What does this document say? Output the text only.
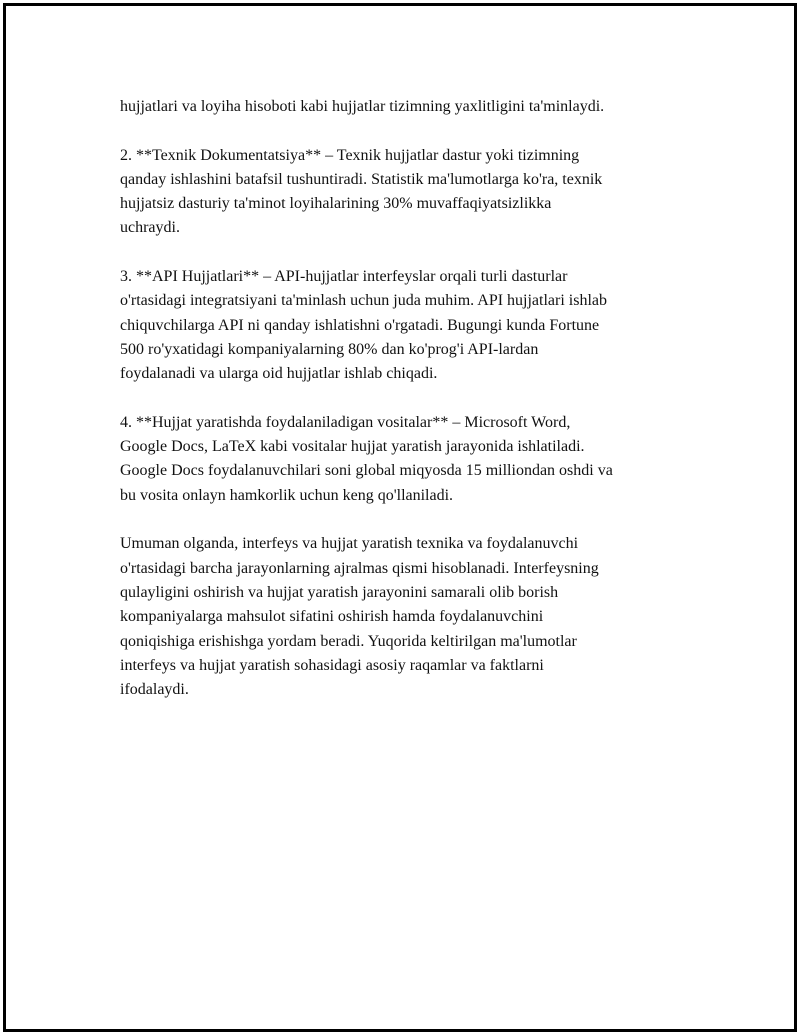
hujjatlari va loyiha hisoboti kabi hujjatlar tizimning yaxlitligini ta'minlaydi.

2. **Texnik Dokumentatsiya** – Texnik hujjatlar dastur yoki tizimning
qanday ishlashini batafsil tushuntiradi. Statistik ma'lumotlarga ko'ra, texnik
hujjatsiz dasturiy ta'minot loyihalarining 30% muvaffaqiyatsizlikka
uchraydi.

3. **API Hujjatlari** – API-hujjatlar interfeyslar orqali turli dasturlar
o'rtasidagi integratsiyani ta'minlash uchun juda muhim. API hujjatlari ishlab
chiquvchilarga API ni qanday ishlatishni o'rgatadi. Bugungi kunda Fortune
500 ro'yxatidagi kompaniyalarning 80% dan ko'prog'i API-lardan
foydalanadi va ularga oid hujjatlar ishlab chiqadi.

4. **Hujjat yaratishda foydalaniladigan vositalar** – Microsoft Word,
Google Docs, LaTeX kabi vositalar hujjat yaratish jarayonida ishlatiladi.
Google Docs foydalanuvchilari soni global miqyosda 15 milliondan oshdi va
bu vosita onlayn hamkorlik uchun keng qo'llaniladi.

Umuman olganda, interfeys va hujjat yaratish texnika va foydalanuvchi
o'rtasidagi barcha jarayonlarning ajralmas qismi hisoblanadi. Interfeysning
qulayligini oshirish va hujjat yaratish jarayonini samarali olib borish
kompaniyalarga mahsulot sifatini oshirish hamda foydalanuvchini
qoniqishiga erishishga yordam beradi. Yuqorida keltirilgan ma'lumotlar
interfeys va hujjat yaratish sohasidagi asosiy raqamlar va faktlarni
ifodalaydi.
